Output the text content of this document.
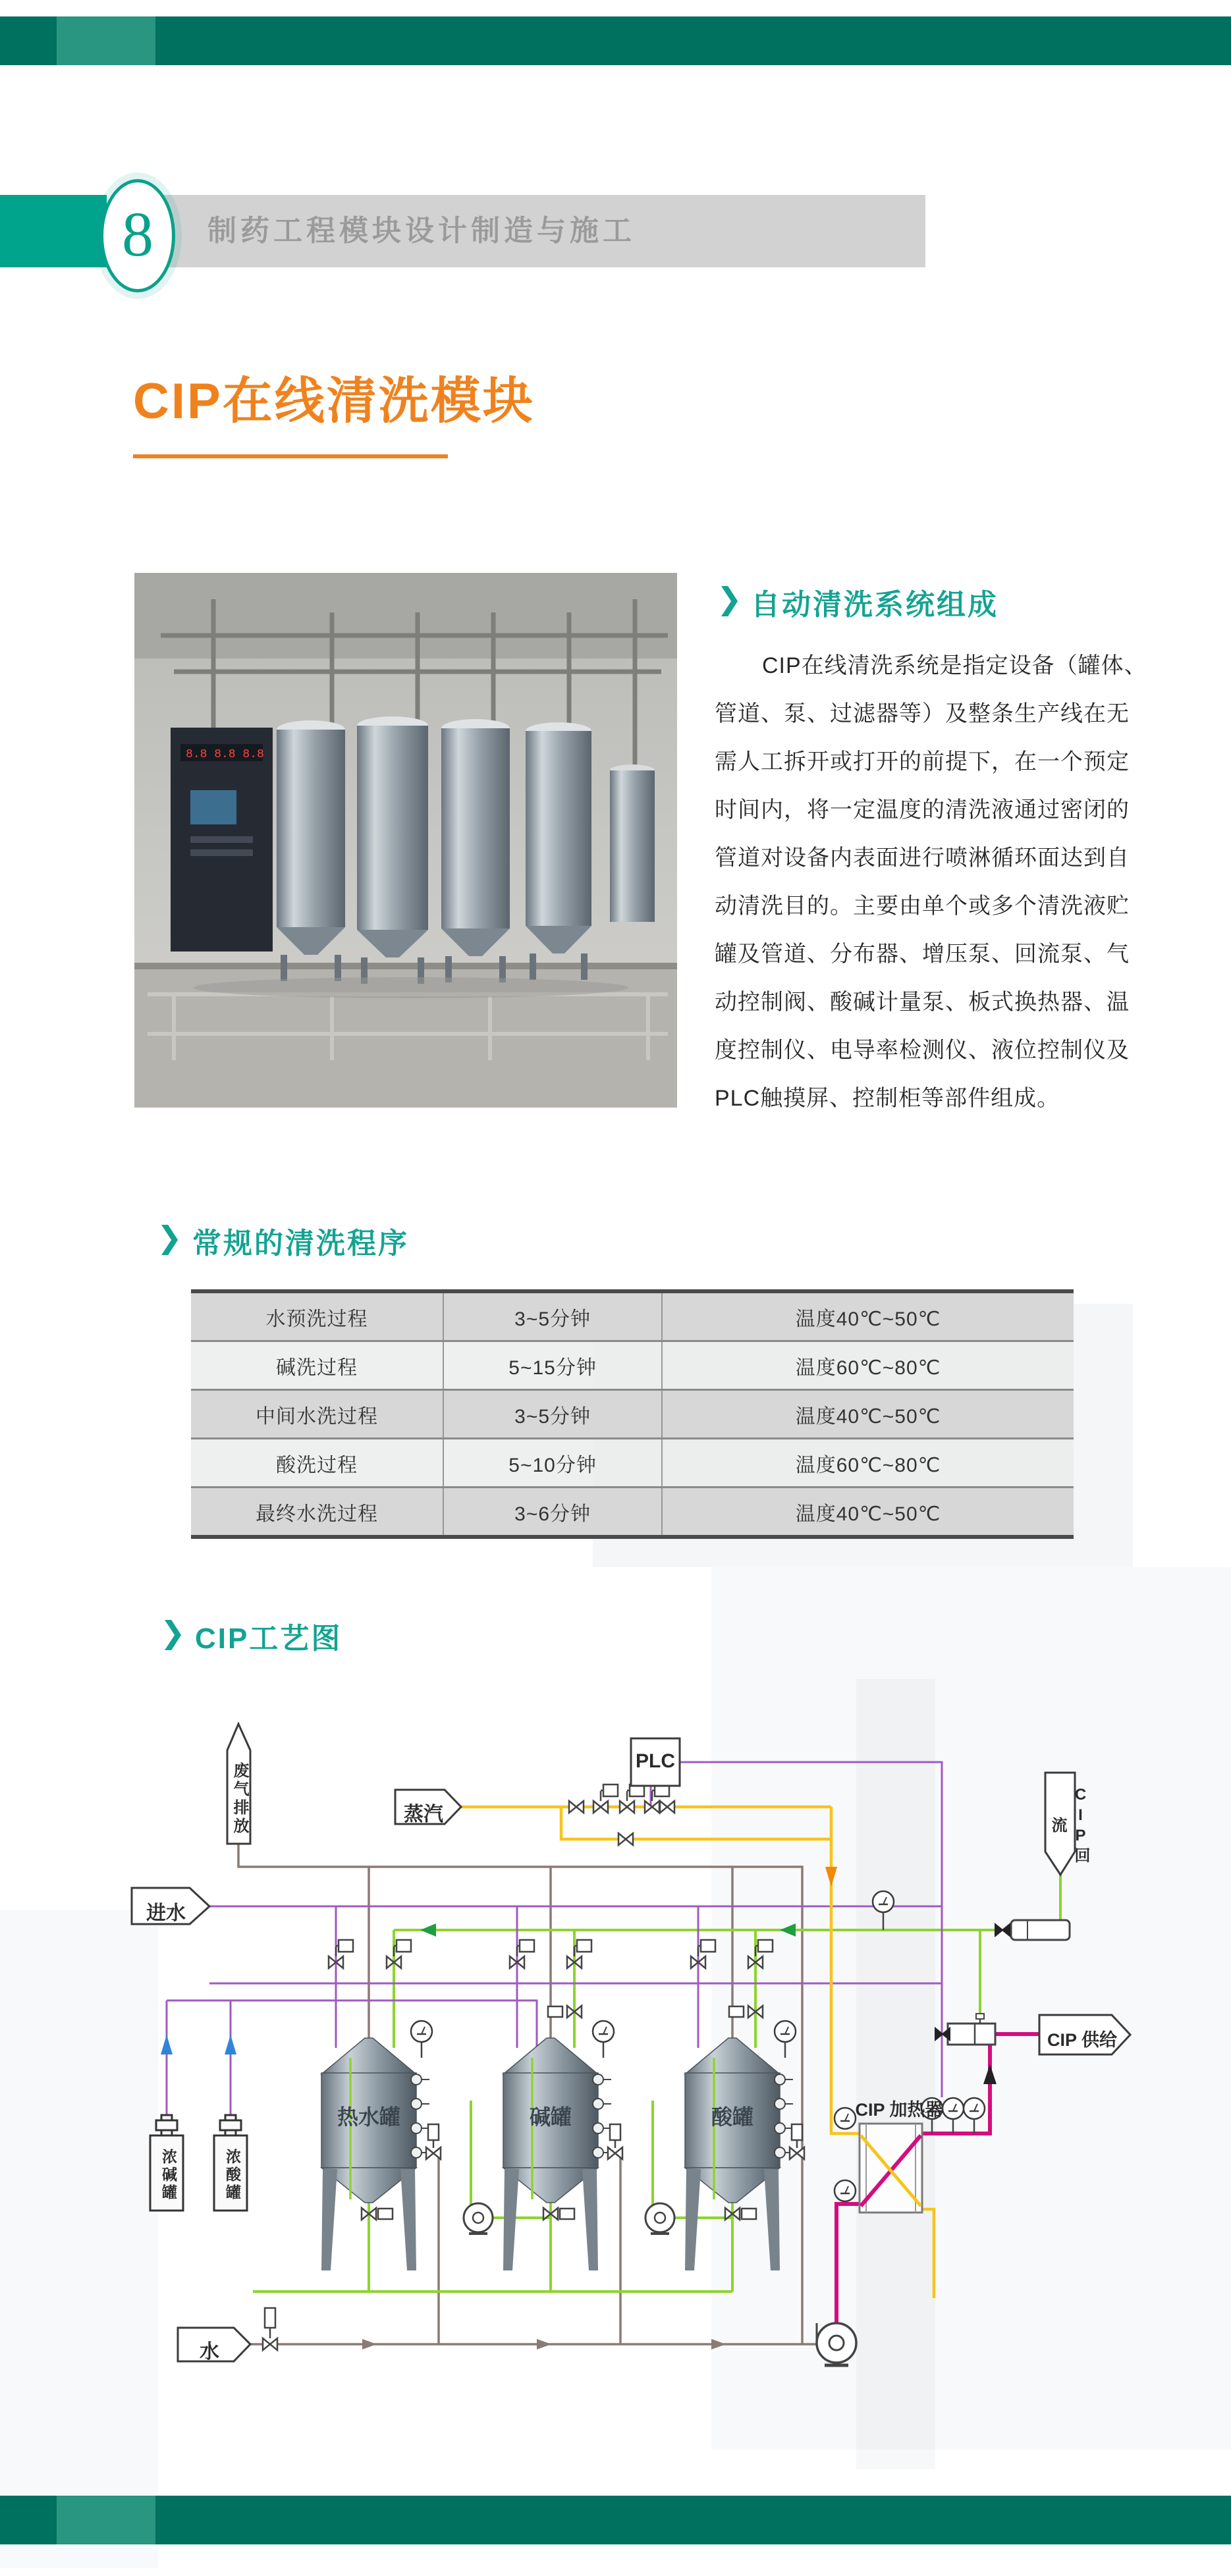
制药工程模块设计制造与施工
8
CIP在线清洗模块
8.8 8.8 8.8
❯ 自动清洗系统组成
CIP在线清洗系统是指定设备（罐体、
管道、泵、过滤器等）及整条生产线在无
需人工拆开或打开的前提下，在一个预定
时间内，将一定温度的清洗液通过密闭的
管道对设备内表面进行喷淋循环面达到自
动清洗目的。主要由单个或多个清洗液贮
罐及管道、分布器、增压泵、回流泵、气
动控制阀、酸碱计量泵、板式换热器、温
度控制仪、电导率检测仪、液位控制仪及
PLC触摸屏、控制柜等部件组成。
❯ 常规的清洗程序
水预洗过程	3~5分钟	温度40℃~50℃
碱洗过程	5~15分钟	温度60℃~80℃
中间水洗过程	3~5分钟	温度40℃~50℃
酸洗过程	5~10分钟	温度60℃~80℃
最终水洗过程	3~6分钟	温度40℃~50℃
❯ CIP工艺图
PLC
蒸汽
进水
水
废气排放	CIP回流
CIP 供给
CIP 加热器
热水罐	碱罐	酸罐
浓碱罐	浓酸罐
